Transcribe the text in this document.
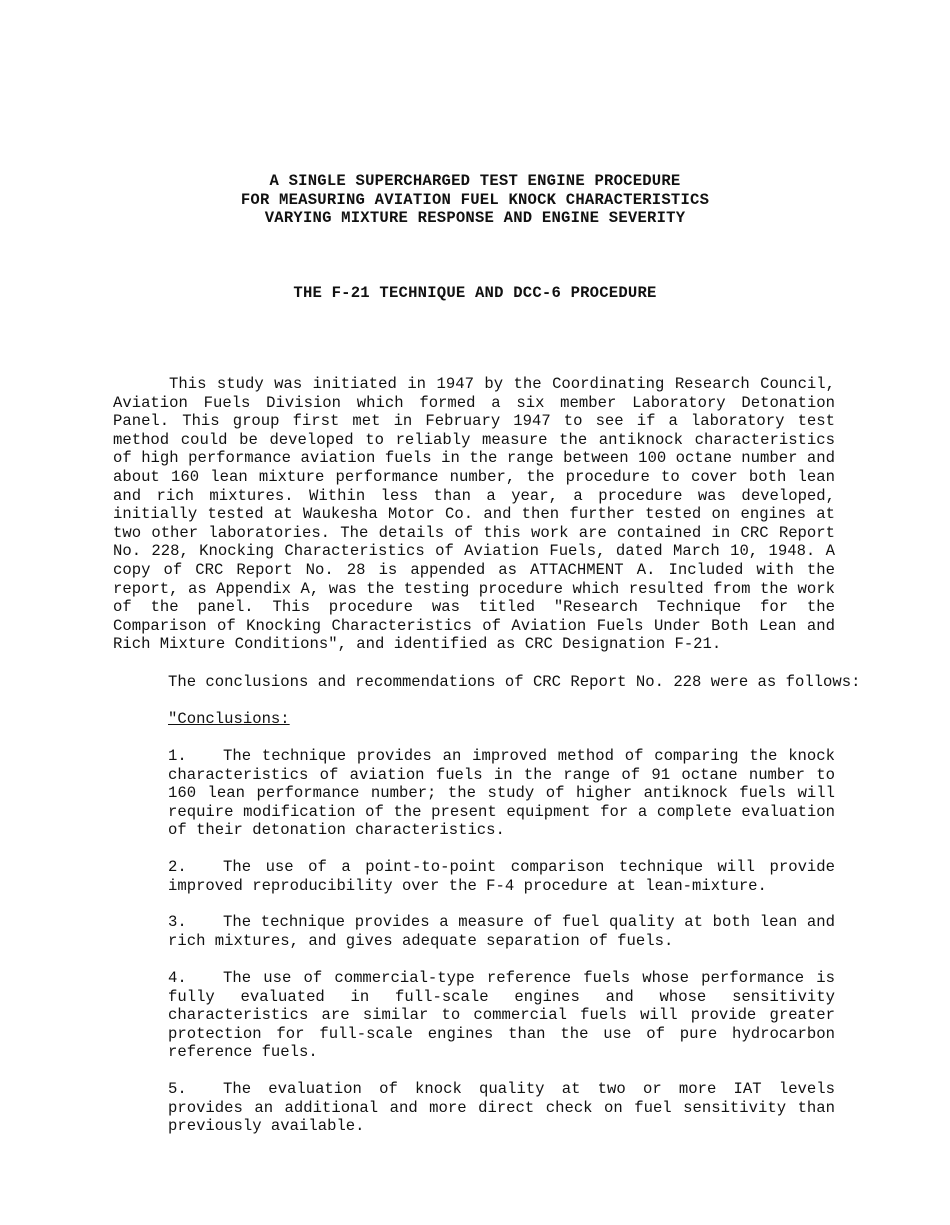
A SINGLE SUPERCHARGED TEST ENGINE PROCEDURE
FOR MEASURING AVIATION FUEL KNOCK CHARACTERISTICS
VARYING MIXTURE RESPONSE AND ENGINE SEVERITY
THE F-21 TECHNIQUE AND DCC-6 PROCEDURE

This study was initiated in 1947 by the Coordinating Research Council, Aviation Fuels Division which formed a six member Laboratory Detonation Panel. This group first met in February 1947 to see if a laboratory test method could be developed to reliably measure the antiknock characteristics of high performance aviation fuels in the range between 100 octane number and about 160 lean mixture performance number, the procedure to cover both lean and rich mixtures. Within less than a year, a procedure was developed, initially tested at Waukesha Motor Co. and then further tested on engines at two other laboratories. The details of this work are contained in CRC Report No. 228, Knocking Characteristics of Aviation Fuels, dated March 10, 1948. A copy of CRC Report No. 28 is appended as ATTACHMENT A. Included with the report, as Appendix A, was the testing procedure which resulted from the work of the panel. This procedure was titled "Research Technique for the Comparison of Knocking Characteristics of Aviation Fuels Under Both Lean and Rich Mixture Conditions", and identified as CRC Designation F-21.

The conclusions and recommendations of CRC Report No. 228 were as follows:

"Conclusions:

1. The technique provides an improved method of comparing the knock characteristics of aviation fuels in the range of 91 octane number to 160 lean performance number; the study of higher antiknock fuels will require modification of the present equipment for a complete evaluation of their detonation characteristics.

2. The use of a point-to-point comparison technique will provide improved reproducibility over the F-4 procedure at lean-mixture.

3. The technique provides a measure of fuel quality at both lean and rich mixtures, and gives adequate separation of fuels.

4. The use of commercial-type reference fuels whose performance is fully evaluated in full-scale engines and whose sensitivity characteristics are similar to commercial fuels will provide greater protection for full-scale engines than the use of pure hydrocarbon reference fuels.

5. The evaluation of knock quality at two or more IAT levels provides an additional and more direct check on fuel sensitivity than previously available.
